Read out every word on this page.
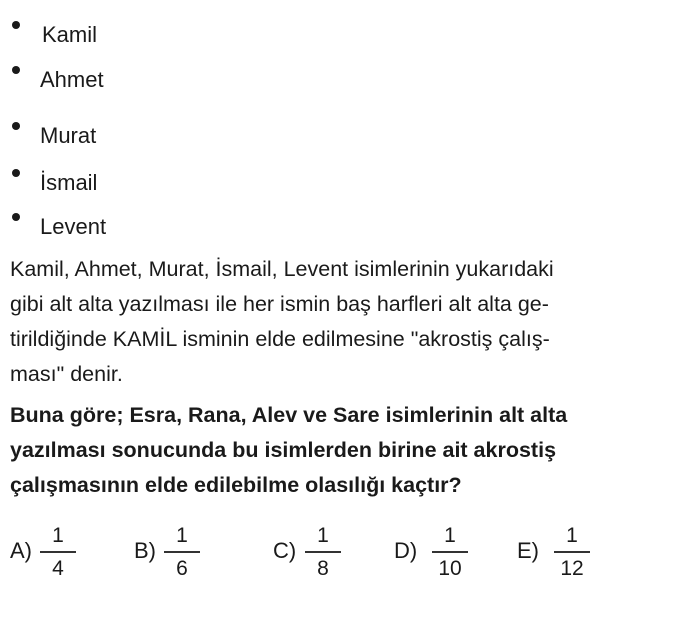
Kamil
Ahmet
Murat
İsmail
Levent
Kamil, Ahmet, Murat, İsmail, Levent isimlerinin yukarıdaki
gibi alt alta yazılması ile her ismin baş harfleri alt alta ge-
tirildiğinde KAMİL isminin elde edilmesine "akrostiş çalış-
ması" denir.
Buna göre; Esra, Rana, Alev ve Sare isimlerinin alt alta
yazılması sonucunda bu isimlerden birine ait akrostiş
çalışmasının elde edilebilme olasılığı kaçtır?
A)
1
4
B)
1
6
C)
1
8
D)
1
10
E)
1
12
